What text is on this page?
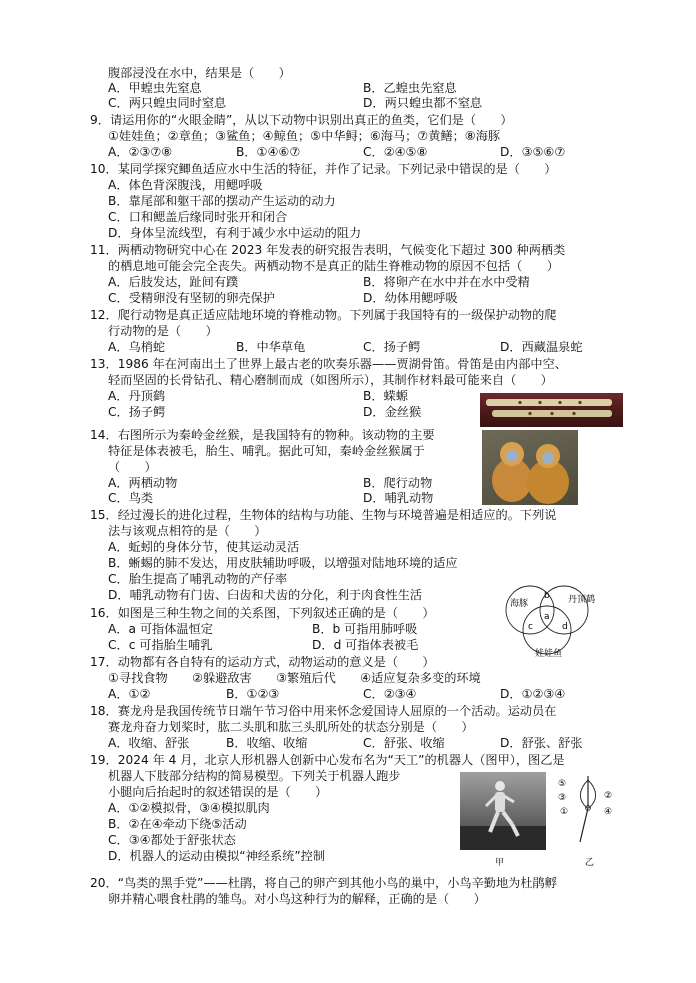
腹部浸没在水中，结果是（　　）
A．甲蝗虫先窒息	B．乙蝗虫先窒息
C．两只蝗虫同时窒息	D．两只蝗虫都不窒息
9．请运用你的“火眼金睛”，从以下动物中识别出真正的鱼类，它们是（　　）
①娃娃鱼；②章鱼；③鲨鱼；④鲸鱼；⑤中华鲟；⑥海马；⑦黄鳝；⑧海豚
A．②③⑦⑧	B．①④⑥⑦	C．②④⑤⑧	D．③⑤⑥⑦
10．某同学探究鲫鱼适应水中生活的特征，并作了记录。下列记录中错误的是（　　）
A．体色背深腹浅，用鳃呼吸
B．靠尾部和躯干部的摆动产生运动的动力
C．口和鳃盖后缘同时张开和闭合
D．身体呈流线型，有利于减少水中运动的阻力
11．两栖动物研究中心在 2023 年发表的研究报告表明，气候变化下超过 300 种两栖类
的栖息地可能会完全丧失。两栖动物不是真正的陆生脊椎动物的原因不包括（　　）
A．后肢发达，趾间有蹼	B．将卵产在水中并在水中受精
C．受精卵没有坚韧的卵壳保护	D．幼体用鳃呼吸
12．爬行动物是真正适应陆地环境的脊椎动物。下列属于我国特有的一级保护动物的爬
行动物的是（　　）
A．乌梢蛇	B．中华草龟	C．扬子鳄	D．西藏温泉蛇
13．1986 年在河南出土了世界上最古老的吹奏乐器——贾湖骨笛。骨笛是由内部中空、
轻而坚固的长骨钻孔、精心磨制而成（如图所示），其制作材料最可能来自（　　）
A．丹顶鹤	B．蝾螈
C．扬子鳄	D．金丝猴
14．右图所示为秦岭金丝猴，是我国特有的物种。该动物的主要
特征是体表被毛，胎生、哺乳。据此可知，秦岭金丝猴属于
（　　）
A．两栖动物	B．爬行动物
C．鸟类	D．哺乳动物
15．经过漫长的进化过程，生物体的结构与功能、生物与环境普遍是相适应的。下列说
法与该观点相符的是（　　）
A．蚯蚓的身体分节，使其运动灵活
B．蜥蜴的肺不发达，用皮肤辅助呼吸，以增强对陆地环境的适应
C．胎生提高了哺乳动物的产仔率
D．哺乳动物有门齿、臼齿和犬齿的分化，利于肉食性生活
海豚	丹顶鹤
娃娃鱼
b
a
c	d
16．如图是三种生物之间的关系图，下列叙述正确的是（　　）
A．a 可指体温恒定	B．b 可指用肺呼吸
C．c 可指胎生哺乳	D．d 可指体表被毛
17．动物都有各自特有的运动方式，动物运动的意义是（　　）
①寻找食物　　②躲避敌害　　③繁殖后代　　④适应复杂多变的环境
A．①②	B．①②③	C．②③④	D．①②③④
18．赛龙舟是我国传统节日端午节习俗中用来怀念爱国诗人屈原的一个活动。运动员在
赛龙舟奋力划桨时，肱二头肌和肱三头肌所处的状态分别是（　　）
A．收缩、舒张	B．收缩、收缩	C．舒张、收缩	D．舒张、舒张
19．2024 年 4 月，北京人形机器人创新中心发布名为“天工”的机器人（图甲），图乙是
机器人下肢部分结构的简易模型。下列关于机器人跑步
小腿向后抬起时的叙述错误的是（　　）
A．①②模拟骨，③④模拟肌肉
B．②在④牵动下绕⑤活动
C．③④都处于舒张状态
D．机器人的运动由模拟“神经系统”控制	甲
⑤
③
①
②
④
乙
20．“鸟类的黑手党”——杜鹃，将自己的卵产到其他小鸟的巢中，小鸟辛勤地为杜鹃孵
卵并精心喂食杜鹃的雏鸟。对小鸟这种行为的解释，正确的是（　　）
